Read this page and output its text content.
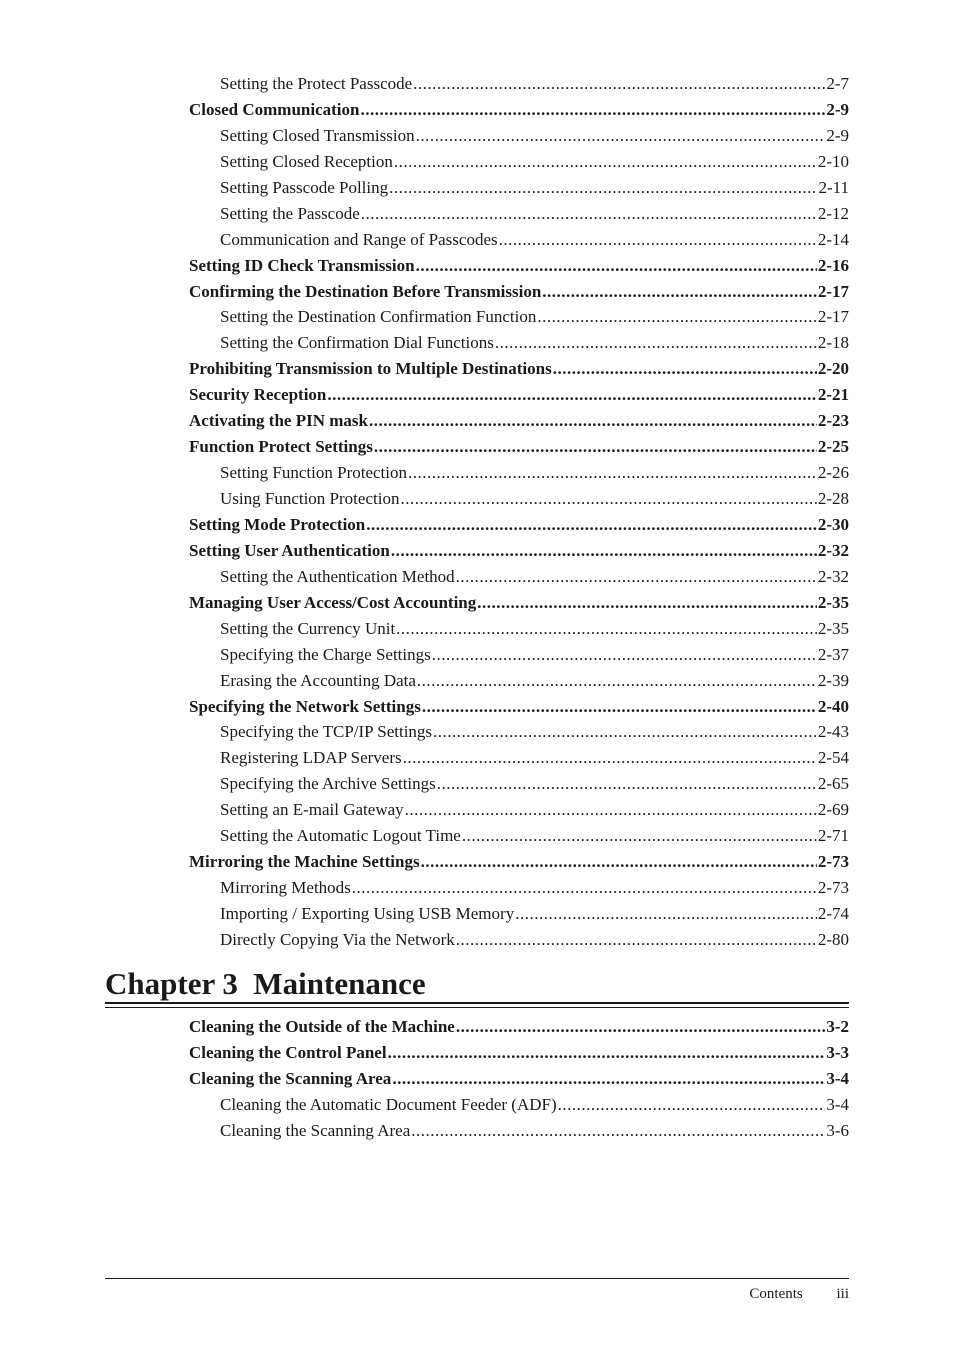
Setting the Protect Passcode .....	2-7
Closed Communication .....	2-9
Setting Closed Transmission .....	2-9
Setting Closed Reception .....	2-10
Setting Passcode Polling .....	2-11
Setting the Passcode .....	2-12
Communication and Range of Passcodes .....	2-14
Setting ID Check Transmission .....	2-16
Confirming the Destination Before Transmission .....	2-17
Setting the Destination Confirmation Function .....	2-17
Setting the Confirmation Dial Functions .....	2-18
Prohibiting Transmission to Multiple Destinations .....	2-20
Security Reception .....	2-21
Activating the PIN mask .....	2-23
Function Protect Settings .....	2-25
Setting Function Protection .....	2-26
Using Function Protection .....	2-28
Setting Mode Protection .....	2-30
Setting User Authentication .....	2-32
Setting the Authentication Method .....	2-32
Managing User Access/Cost Accounting .....	2-35
Setting the Currency Unit .....	2-35
Specifying the Charge Settings .....	2-37
Erasing the Accounting Data .....	2-39
Specifying the Network Settings .....	2-40
Specifying the TCP/IP Settings .....	2-43
Registering LDAP Servers .....	2-54
Specifying the Archive Settings .....	2-65
Setting an E-mail Gateway .....	2-69
Setting the Automatic Logout Time .....	2-71
Mirroring the Machine Settings .....	2-73
Mirroring Methods .....	2-73
Importing / Exporting Using USB Memory .....	2-74
Directly Copying Via the Network .....	2-80
Chapter 3  Maintenance
Cleaning the Outside of the Machine .....	3-2
Cleaning the Control Panel .....	3-3
Cleaning the Scanning Area .....	3-4
Cleaning the Automatic Document Feeder (ADF) .....	3-4
Cleaning the Scanning Area .....	3-6
Contents iii
